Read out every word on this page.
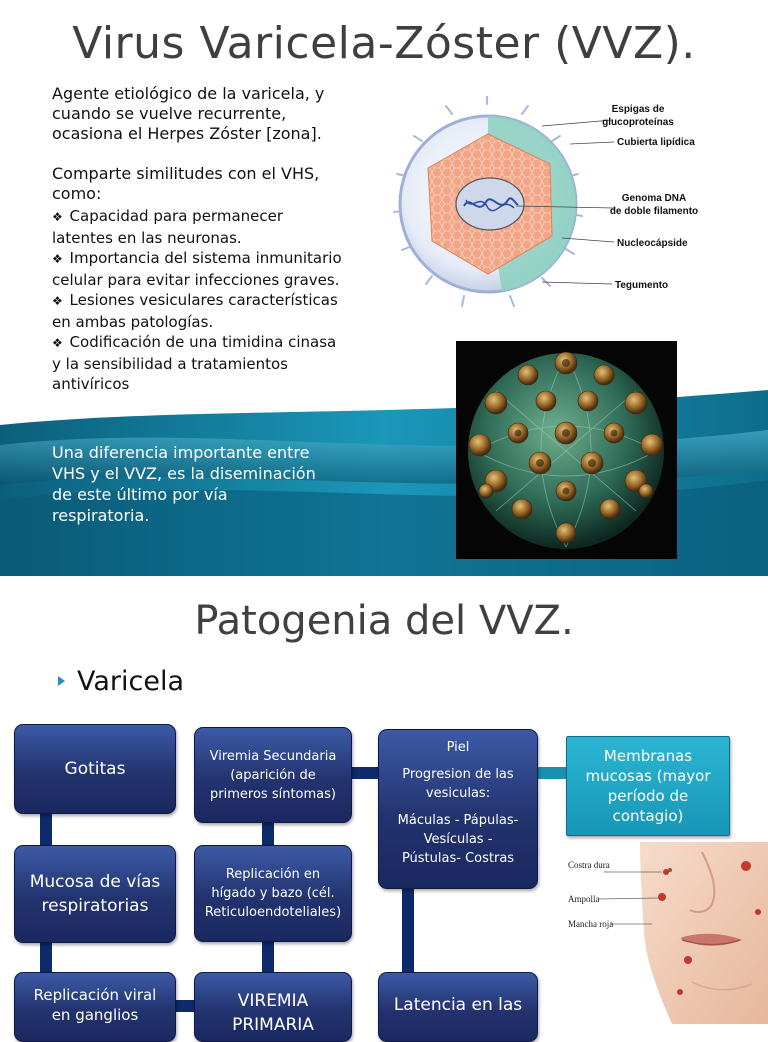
Virus Varicela-Zóster (VVZ).

Agente etiológico de la varicela, y

cuando se vuelve recurrente,

ocasiona el Herpes Zóster [zona].

Comparte similitudes con el VHS,

como:

❖ Capacidad para permanecer

latentes en las neuronas.

❖ Importancia del sistema inmunitario

celular para evitar infecciones graves.

❖ Lesiones vesiculares características

en ambas patologías.

❖ Codificación de una timidina cinasa

y la sensibilidad a tratamientos

antivíricos

Una diferencia importante entre
VHS y el VVZ, es la diseminación
de este último por vía
respiratoria.
Espigas de
glucoproteínas
Cubierta lipídica
Genoma DNA
de doble filamento
Nucleocápside
Tegumento
Patogenia del VVZ.
Varicela
Gotitas
Mucosa de vías
respiratorias
Replicación viral
en ganglios
Viremia Secundaria
(aparición de
primeros síntomas)
Replicación en
hígado y bazo (cél.
Reticuloendoteliales)
VIREMIA
PRIMARIA
Piel
Progresion de las
vesiculas:
Máculas - Pápulas-
Vesículas -
Pústulas- Costras
Latencia en las
Membranas
mucosas (mayor
período de
contagio)
Costra dura
Ampolla
Mancha roja
